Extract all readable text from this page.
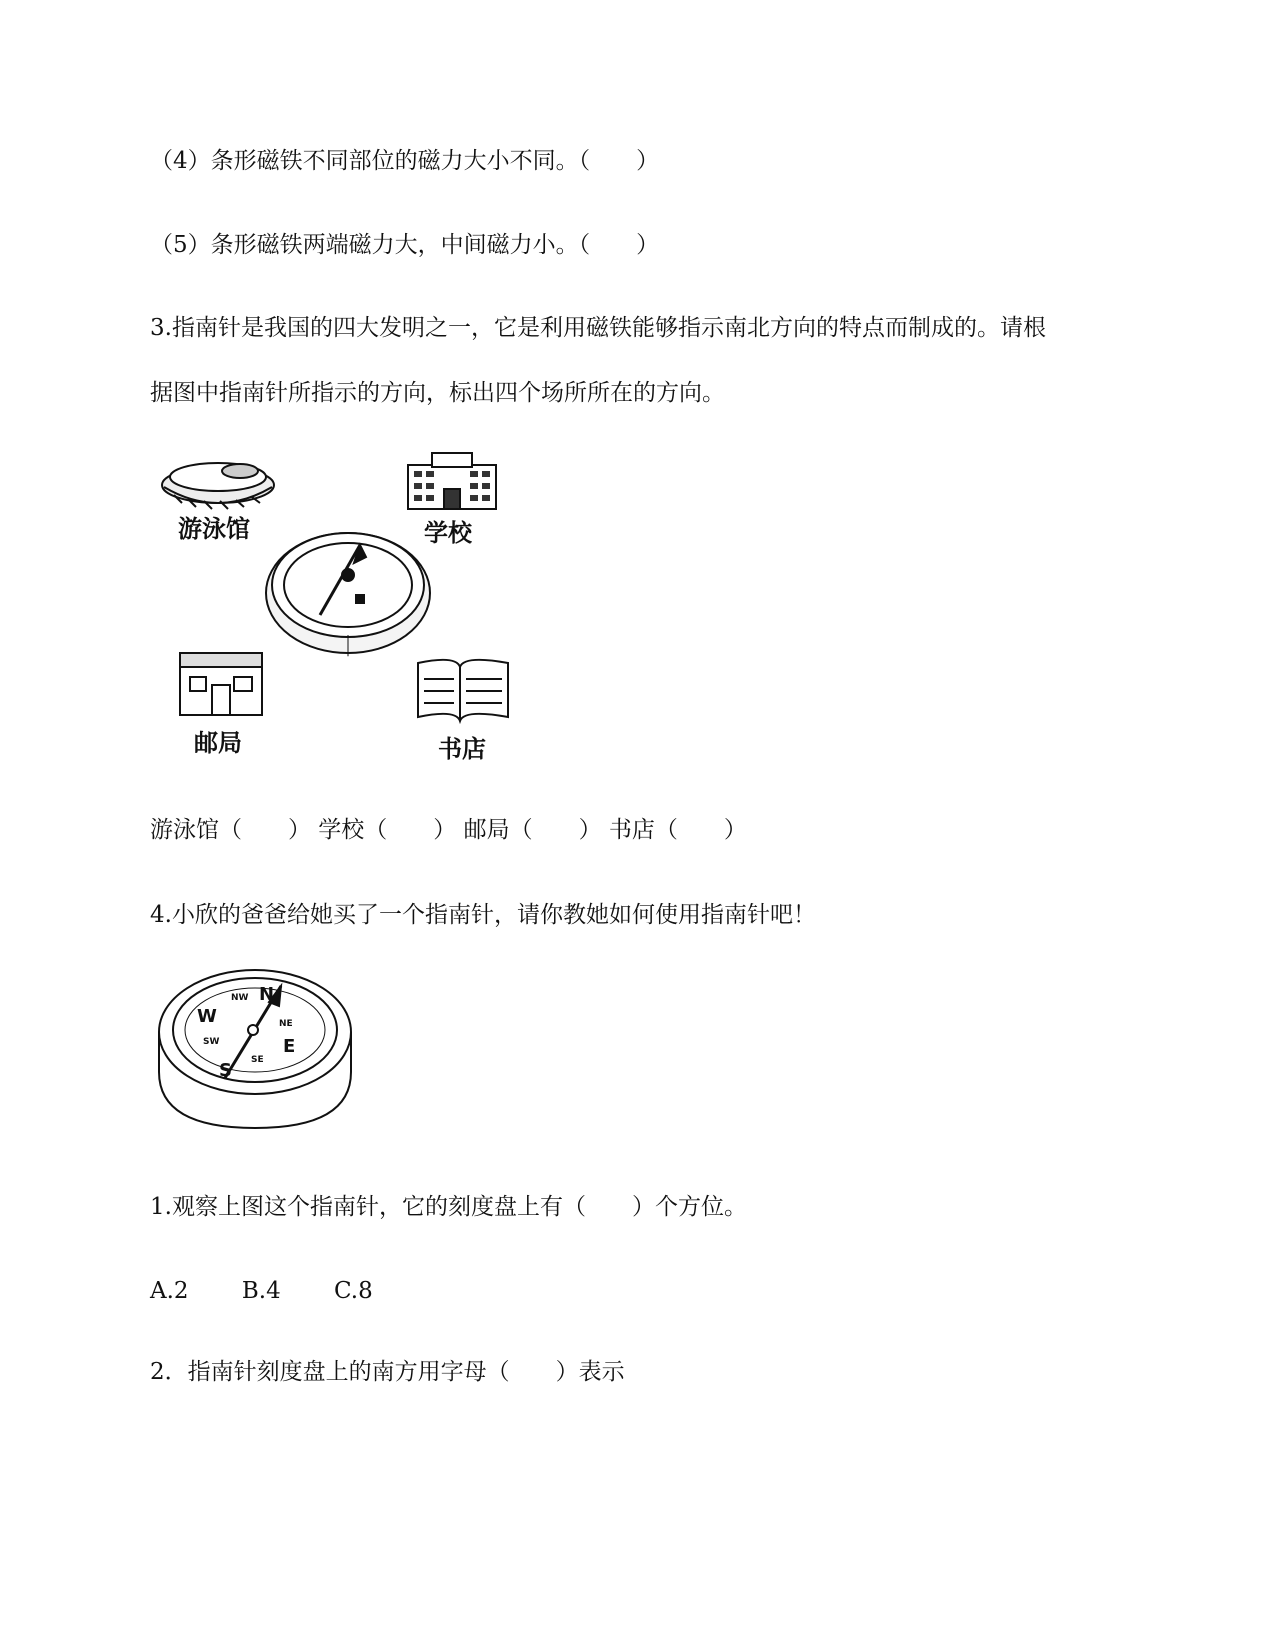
（4）条形磁铁不同部位的磁力大小不同。（　　）

（5）条形磁铁两端磁力大，中间磁力小。（　　）

3.指南针是我国的四大发明之一，它是利用磁铁能够指示南北方向的特点而制成的。请根

据图中指南针所指示的方向，标出四个场所所在的方向。

游泳馆	学校
邮局	书店

游泳馆（　　） 学校（　　） 邮局（　　） 书店（　　）

4.小欣的爸爸给她买了一个指南针，请你教她如何使用指南针吧！

N
E
S
W
NW
NE
SE
SW

1.观察上图这个指南针，它的刻度盘上有（　　）个方位。

A.2　　 B.4　　 C.8

2．指南针刻度盘上的南方用字母（　　）表示
